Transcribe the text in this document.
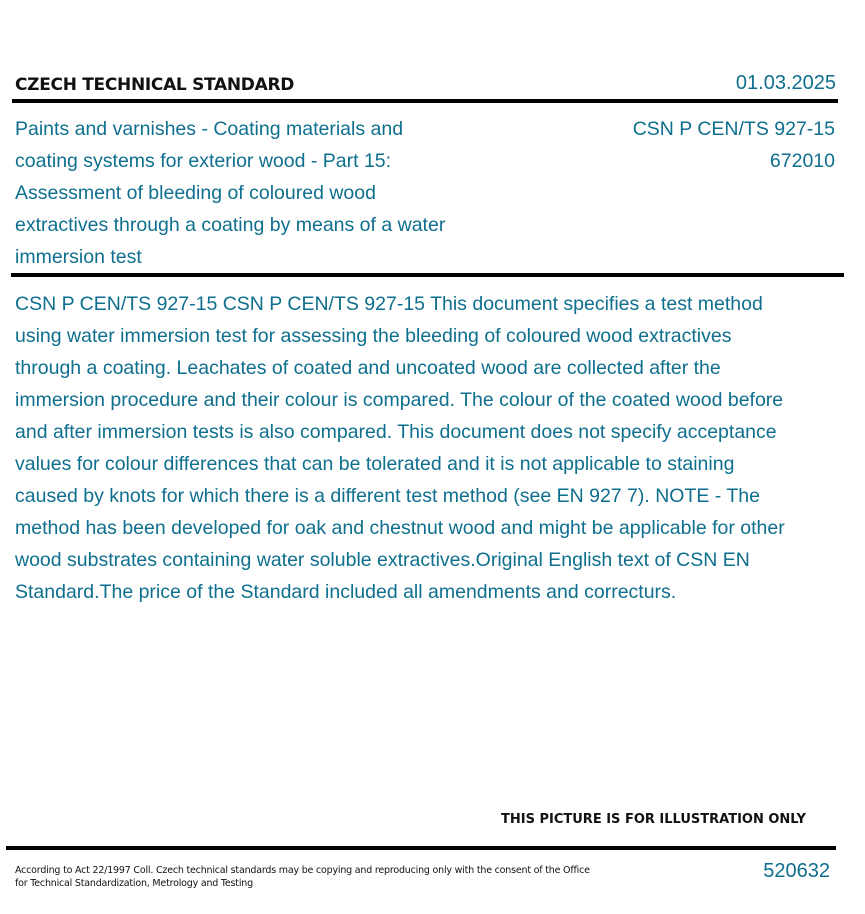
CZECH TECHNICAL STANDARD	01.03.2025
Paints and varnishes - Coating materials and coating systems for exterior wood - Part 15: Assessment of bleeding of coloured wood extractives through a coating by means of a water immersion test
CSN P CEN/TS 927-15
672010
CSN P CEN/TS 927-15 CSN P CEN/TS 927-15 This document specifies a test method using water immersion test for assessing the bleeding of coloured wood extractives through a coating. Leachates of coated and uncoated wood are collected after the immersion procedure and their colour is compared. The colour of the coated wood before and after immersion tests is also compared. This document does not specify acceptance values for colour differences that can be tolerated and it is not applicable to staining caused by knots for which there is a different test method (see EN 927 7). NOTE - The method has been developed for oak and chestnut wood and might be applicable for other wood substrates containing water soluble extractives.Original English text of CSN EN Standard.The price of the Standard included all amendments and correcturs.
THIS PICTURE IS FOR ILLUSTRATION ONLY
According to Act 22/1997 Coll. Czech technical standards may be copying and reproducing only with the consent of the Office for Technical Standardization, Metrology and Testing
520632
